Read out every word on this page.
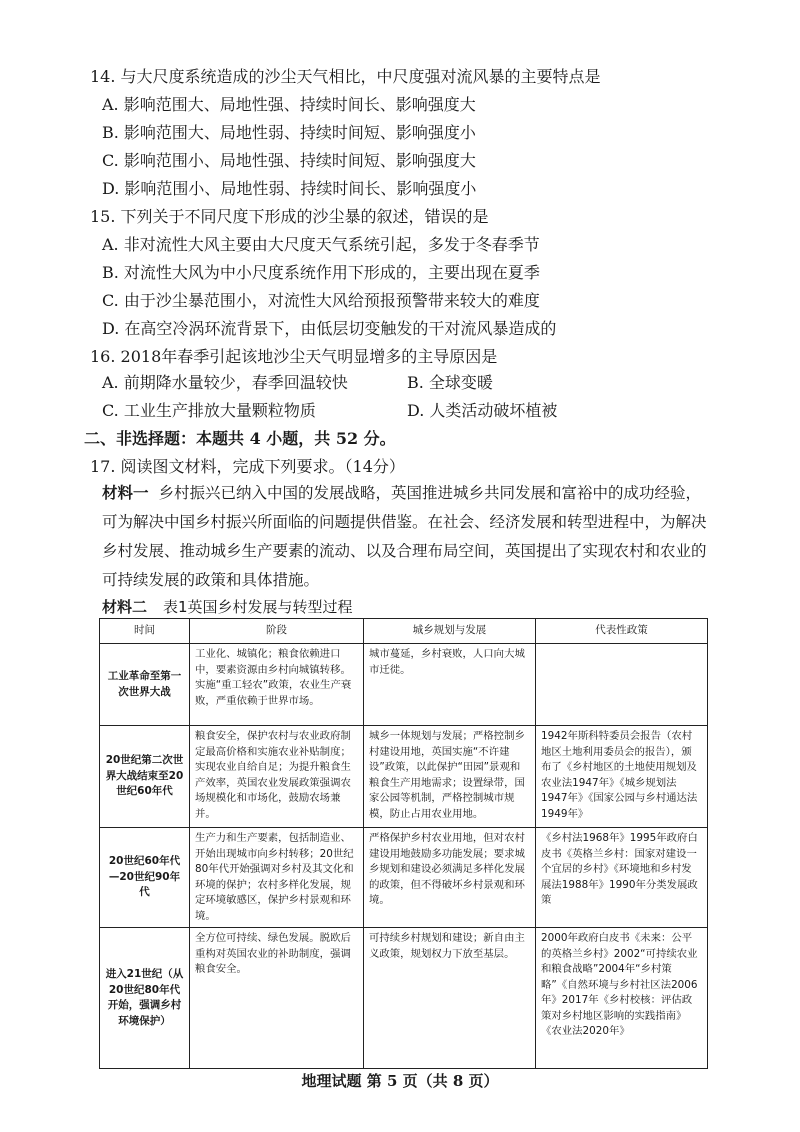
14. 与大尺度系统造成的沙尘天气相比，中尺度强对流风暴的主要特点是
A. 影响范围大、局地性强、持续时间长、影响强度大
B. 影响范围大、局地性弱、持续时间短、影响强度小
C. 影响范围小、局地性强、持续时间短、影响强度大
D. 影响范围小、局地性弱、持续时间长、影响强度小
15. 下列关于不同尺度下形成的沙尘暴的叙述，错误的是
A. 非对流性大风主要由大尺度天气系统引起，多发于冬春季节
B. 对流性大风为中小尺度系统作用下形成的，主要出现在夏季
C. 由于沙尘暴范围小，对流性大风给预报预警带来较大的难度
D. 在高空冷涡环流背景下，由低层切变触发的干对流风暴造成的
16. 2018年春季引起该地沙尘天气明显增多的主导原因是
A. 前期降水量较少，春季回温较快	B. 全球变暖
C. 工业生产排放大量颗粒物质	D. 人类活动破坏植被
二、非选择题：本题共 4 小题，共 52 分。
17. 阅读图文材料，完成下列要求。（14分）
材料一 乡村振兴已纳入中国的发展战略，英国推进城乡共同发展和富裕中的成功经验，可为解决中国乡村振兴所面临的问题提供借鉴。在社会、经济发展和转型进程中，为解决乡村发展、推动城乡生产要素的流动、以及合理布局空间，英国提出了实现农村和农业的可持续发展的政策和具体措施。
材料二 表1英国乡村发展与转型过程
时间	阶段	城乡规划与发展	代表性政策
工业革命至第一次世界大战	工业化、城镇化；粮食依赖进口中，要素资源由乡村向城镇转移。实施“重工轻农”政策，农业生产衰败，严重依赖于世界市场。	城市蔓延，乡村衰败，人口向大城市迁徙。	
20世纪第二次世界大战结束至20世纪60年代	粮食安全，保护农村与农业政府制定最高价格和实施农业补贴制度；实现农业自给自足；为提升粮食生产效率，英国农业发展政策强调农场规模化和市场化，鼓励农场兼并。	城乡一体规划与发展；严格控制乡村建设用地，英国实施“不许建设”政策，以此保护“田园”景观和粮食生产用地需求；设置绿带，国家公园等机制，严格控制城市规模，防止占用农业用地。	1942年斯科特委员会报告（农村地区土地利用委员会的报告），颁布了《乡村地区的土地使用规划及农业法1947年》《城乡规划法1947年》《国家公园与乡村通达法1949年》
20世纪60年代—20世纪90年代	生产力和生产要素，包括制造业、开始出现城市向乡村转移；20世纪80年代开始强调对乡村及其文化和环境的保护；农村多样化发展，规定环境敏感区，保护乡村景观和环境。	严格保护乡村农业用地，但对农村建设用地鼓励多功能发展；要求城乡规划和建设必须满足多样化发展的政策，但不得破坏乡村景观和环境。	《乡村法1968年》1995年政府白皮书《英格兰乡村：国家对建设一个宜居的乡村》《环境地和乡村发展法1988年》1990年分类发展政策
进入21世纪（从20世纪80年代开始，强调乡村环境保护）	全方位可持续、绿色发展。脱欧后重构对英国农业的补助制度，强调粮食安全。	可持续乡村规划和建设；新自由主义政策，规划权力下放至基层。	2000年政府白皮书《未来：公平的英格兰乡村》2002“可持续农业和粮食战略”2004年“乡村策略”《自然环境与乡村社区法2006年》2017年《乡村校核：评估政策对乡村地区影响的实践指南》《农业法2020年》
地理试题 第 5 页（共 8 页）
